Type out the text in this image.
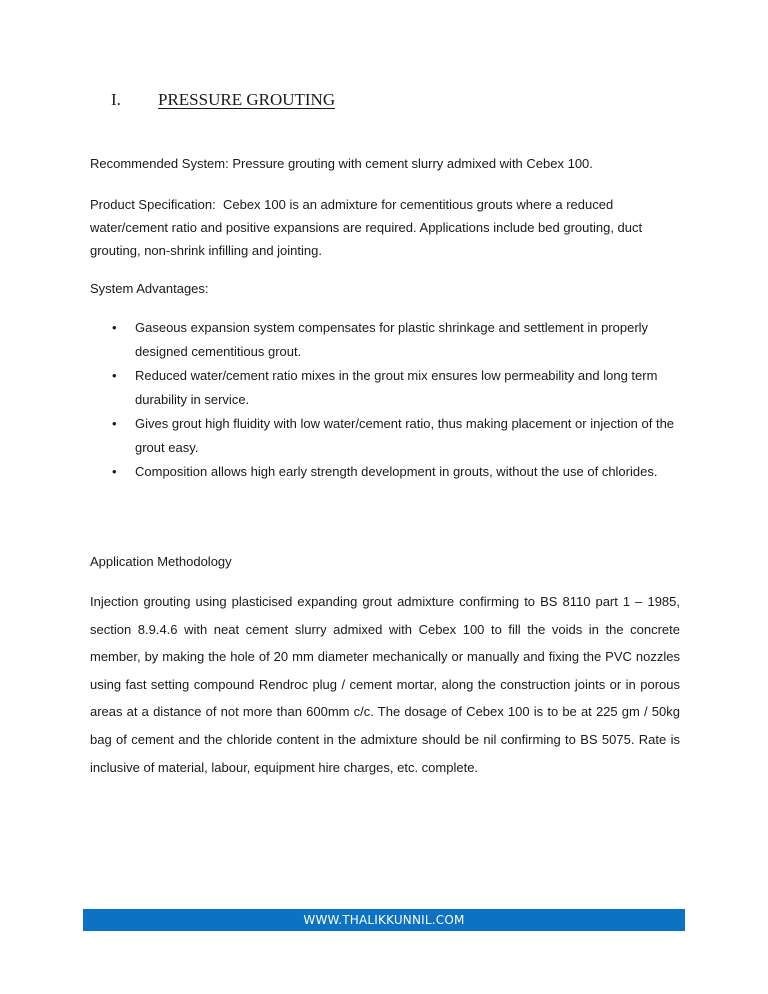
I. PRESSURE GROUTING

Recommended System: Pressure grouting with cement slurry admixed with Cebex 100.

Product Specification: Cebex 100 is an admixture for cementitious grouts where a reduced water/cement ratio and positive expansions are required. Applications include bed grouting, duct grouting, non-shrink infilling and jointing.

System Advantages:

• Gaseous expansion system compensates for plastic shrinkage and settlement in properly designed cementitious grout.
• Reduced water/cement ratio mixes in the grout mix ensures low permeability and long term durability in service.
• Gives grout high fluidity with low water/cement ratio, thus making placement or injection of the grout easy.
• Composition allows high early strength development in grouts, without the use of chlorides.

Application Methodology

Injection grouting using plasticised expanding grout admixture confirming to BS 8110 part 1 – 1985, section 8.9.4.6 with neat cement slurry admixed with Cebex 100 to fill the voids in the concrete member, by making the hole of 20 mm diameter mechanically or manually and fixing the PVC nozzles using fast setting compound Rendroc plug / cement mortar, along the construction joints or in porous areas at a distance of not more than 600mm c/c. The dosage of Cebex 100 is to be at 225 gm / 50kg bag of cement and the chloride content in the admixture should be nil confirming to BS 5075. Rate is inclusive of material, labour, equipment hire charges, etc. complete.

WWW.THALIKKUNNIL.COM
